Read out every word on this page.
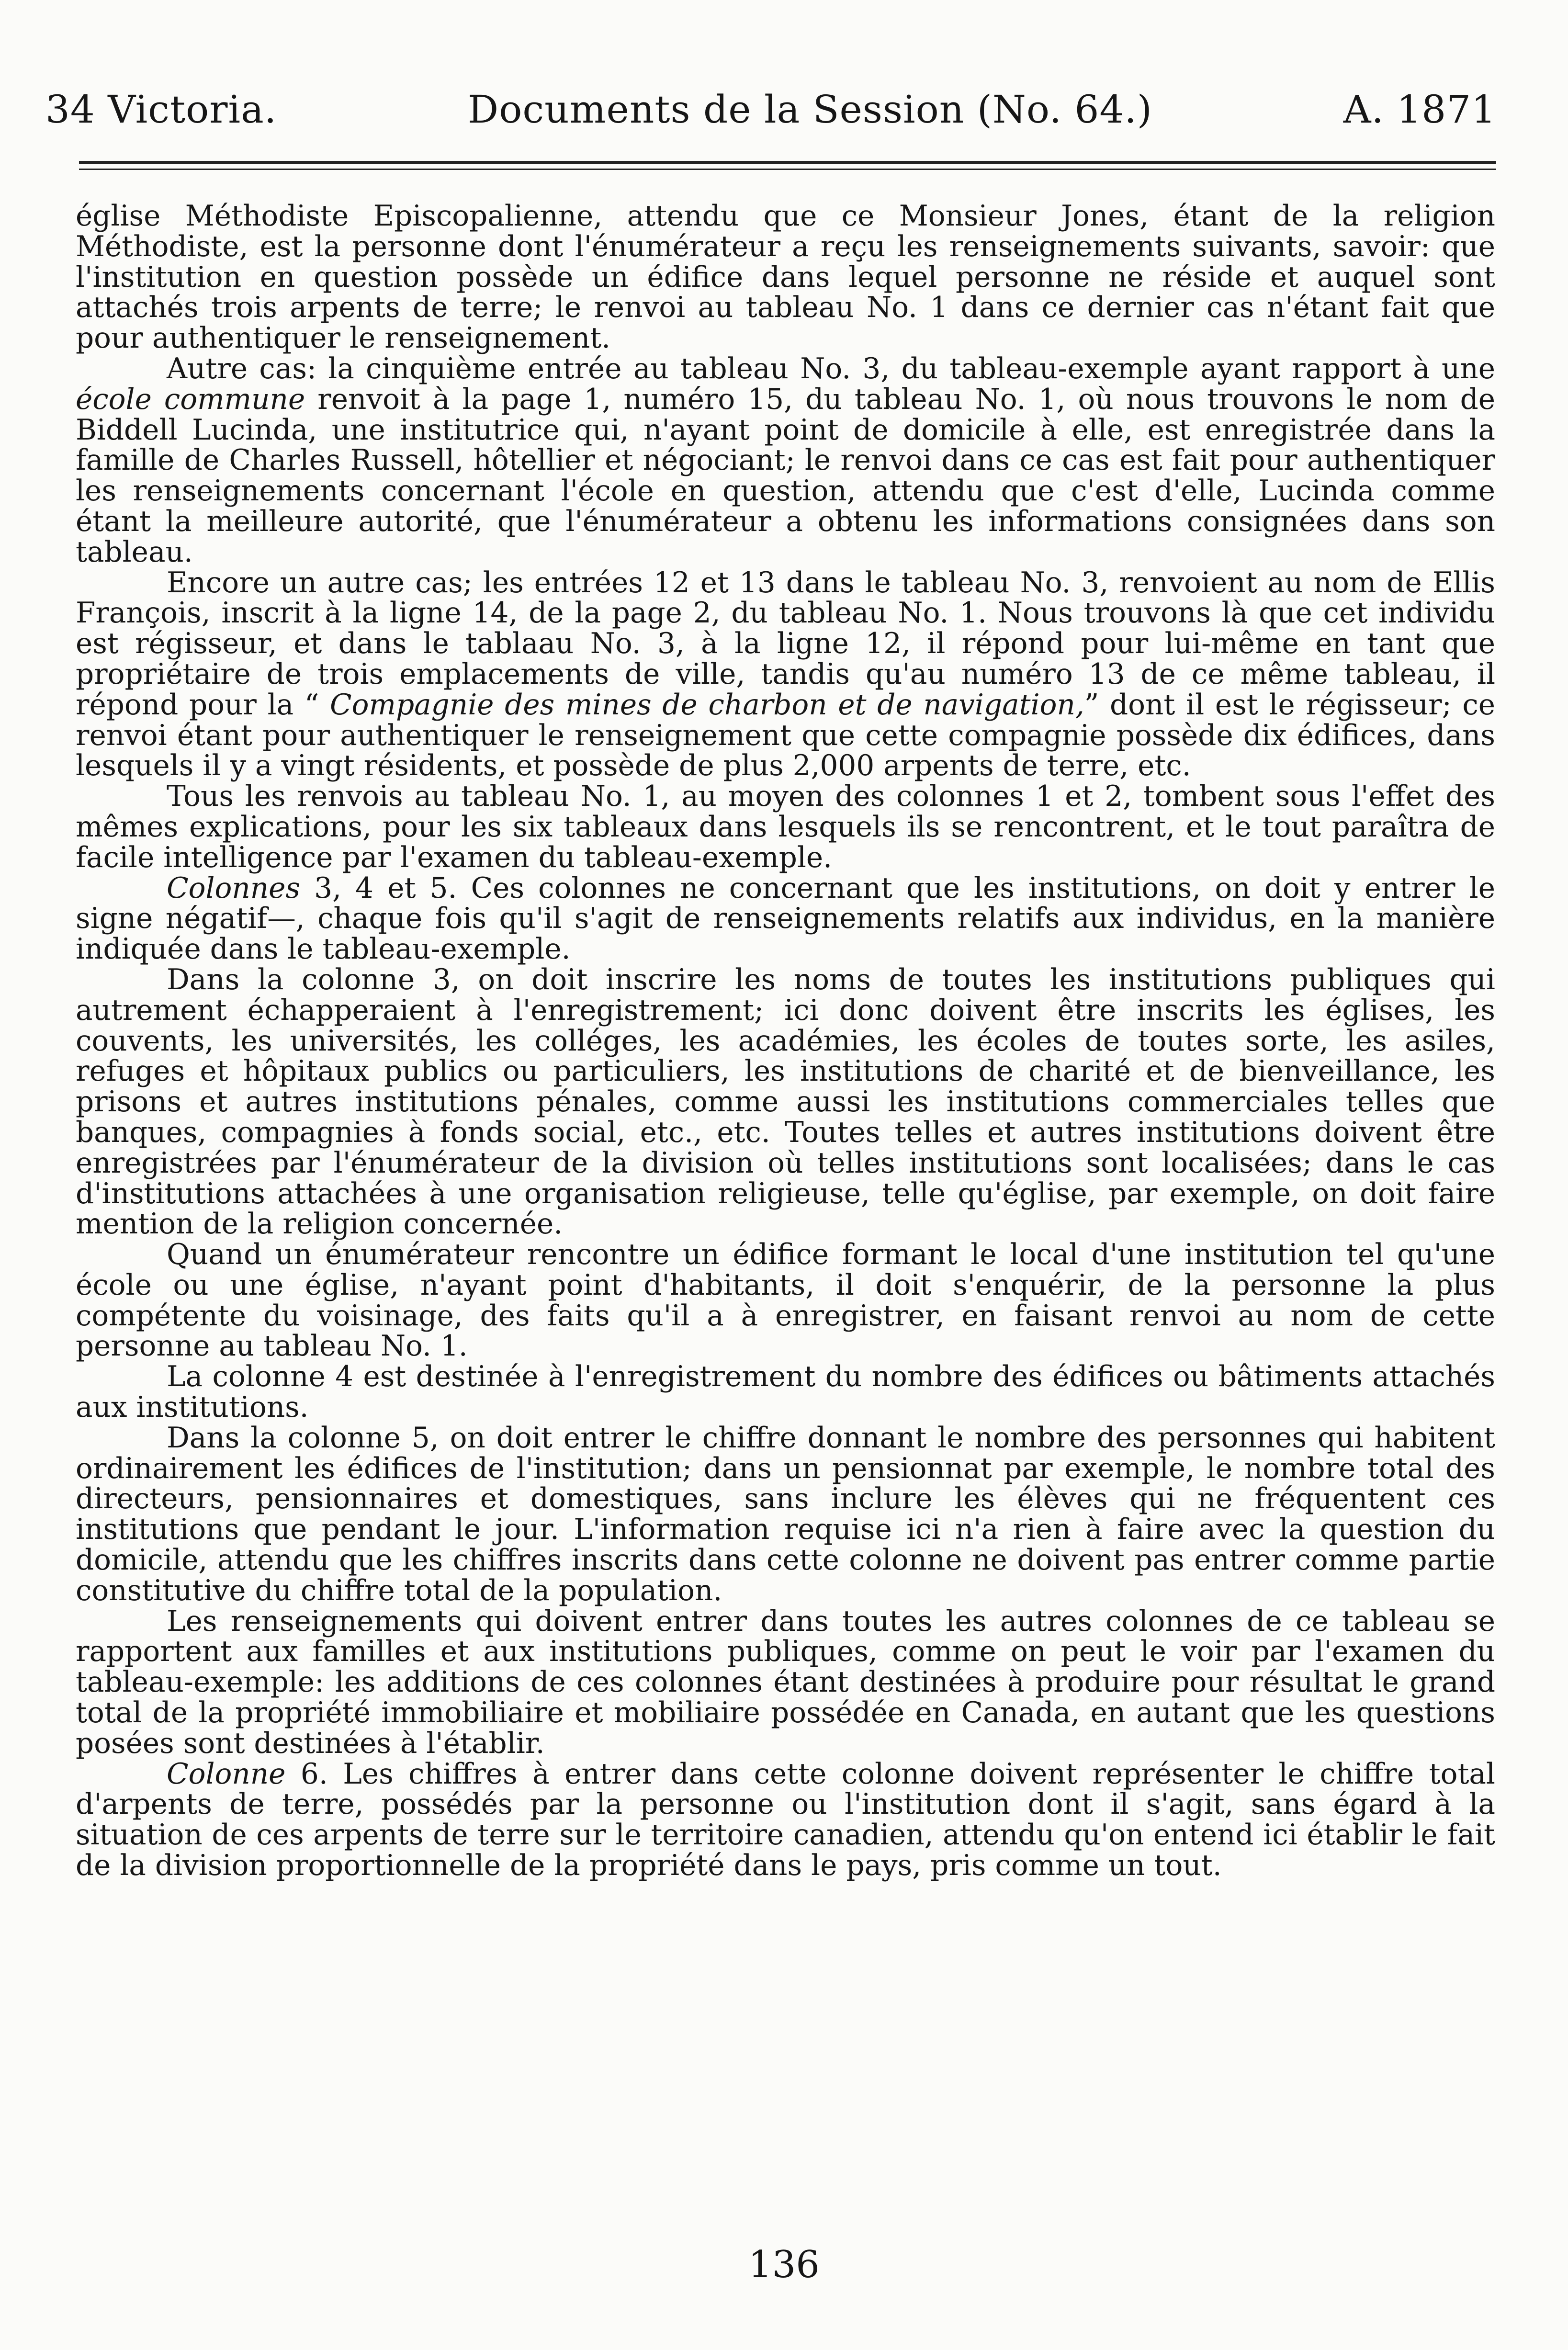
34 Victoria.	Documents de la Session (No. 64.)	A. 1871

église Méthodiste Episcopalienne, attendu que ce Monsieur Jones, étant de la religion Méthodiste, est la personne dont l'énumérateur a reçu les renseignements suivants, savoir: que l'institution en question possède un édifice dans lequel personne ne réside et auquel sont attachés trois arpents de terre; le renvoi au tableau No. 1 dans ce dernier cas n'étant fait que pour authentiquer le renseignement.

Autre cas: la cinquième entrée au tableau No. 3, du tableau-exemple ayant rapport à une école commune renvoit à la page 1, numéro 15, du tableau No. 1, où nous trouvons le nom de Biddell Lucinda, une institutrice qui, n'ayant point de domicile à elle, est enregistrée dans la famille de Charles Russell, hôtellier et négociant; le renvoi dans ce cas est fait pour authentiquer les renseignements concernant l'école en question, attendu que c'est d'elle, Lucinda comme étant la meilleure autorité, que l'énumérateur a obtenu les informations consignées dans son tableau.

Encore un autre cas; les entrées 12 et 13 dans le tableau No. 3, renvoient au nom de Ellis François, inscrit à la ligne 14, de la page 2, du tableau No. 1. Nous trouvons là que cet individu est régisseur, et dans le tablaau No. 3, à la ligne 12, il répond pour lui-même en tant que propriétaire de trois emplacements de ville, tandis qu'au numéro 13 de ce même tableau, il répond pour la “ Compagnie des mines de charbon et de navigation,” dont il est le régisseur; ce renvoi étant pour authentiquer le renseignement que cette compagnie possède dix édifices, dans lesquels il y a vingt résidents, et possède de plus 2,000 arpents de terre, etc.

Tous les renvois au tableau No. 1, au moyen des colonnes 1 et 2, tombent sous l'effet des mêmes explications, pour les six tableaux dans lesquels ils se rencontrent, et le tout paraîtra de facile intelligence par l'examen du tableau-exemple.

Colonnes 3, 4 et 5. Ces colonnes ne concernant que les institutions, on doit y entrer le signe négatif—, chaque fois qu'il s'agit de renseignements relatifs aux individus, en la manière indiquée dans le tableau-exemple.

Dans la colonne 3, on doit inscrire les noms de toutes les institutions publiques qui autrement échapperaient à l'enregistrement; ici donc doivent être inscrits les églises, les couvents, les universités, les colléges, les académies, les écoles de toutes sorte, les asiles, refuges et hôpitaux publics ou particuliers, les institutions de charité et de bienveillance, les prisons et autres institutions pénales, comme aussi les institutions commerciales telles que banques, compagnies à fonds social, etc., etc. Toutes telles et autres institutions doivent être enregistrées par l'énumérateur de la division où telles institutions sont localisées; dans le cas d'institutions attachées à une organisation religieuse, telle qu'église, par exemple, on doit faire mention de la religion concernée.

Quand un énumérateur rencontre un édifice formant le local d'une institution tel qu'une école ou une église, n'ayant point d'habitants, il doit s'enquérir, de la personne la plus compétente du voisinage, des faits qu'il a à enregistrer, en faisant renvoi au nom de cette personne au tableau No. 1.

La colonne 4 est destinée à l'enregistrement du nombre des édifices ou bâtiments attachés aux institutions.

Dans la colonne 5, on doit entrer le chiffre donnant le nombre des personnes qui habitent ordinairement les édifices de l'institution; dans un pensionnat par exemple, le nombre total des directeurs, pensionnaires et domestiques, sans inclure les élèves qui ne fréquentent ces institutions que pendant le jour. L'information requise ici n'a rien à faire avec la question du domicile, attendu que les chiffres inscrits dans cette colonne ne doivent pas entrer comme partie constitutive du chiffre total de la population.

Les renseignements qui doivent entrer dans toutes les autres colonnes de ce tableau se rapportent aux familles et aux institutions publiques, comme on peut le voir par l'examen du tableau-exemple: les additions de ces colonnes étant destinées à produire pour résultat le grand total de la propriété immobiliaire et mobiliaire possédée en Canada, en autant que les questions posées sont destinées à l'établir.

Colonne 6. Les chiffres à entrer dans cette colonne doivent représenter le chiffre total d'arpents de terre, possédés par la personne ou l'institution dont il s'agit, sans égard à la situation de ces arpents de terre sur le territoire canadien, attendu qu'on entend ici établir le fait de la division proportionnelle de la propriété dans le pays, pris comme un tout.

136
